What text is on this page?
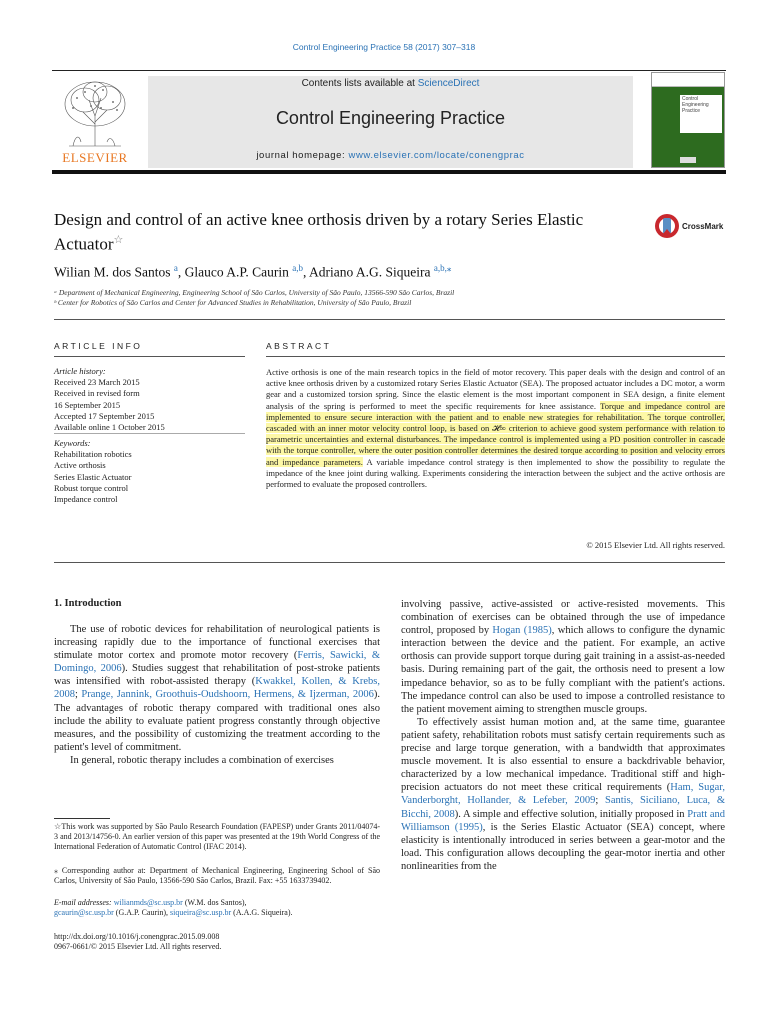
Control Engineering Practice 58 (2017) 307–318
ELSEVIER
Contents lists available at ScienceDirect
Control Engineering Practice
journal homepage: www.elsevier.com/locate/conengprac
Control Engineering Practice
Design and control of an active knee orthosis driven by a rotary Series Elastic Actuator☆
CrossMark
Wilian M. dos Santos $^a$, Glauco A.P. Caurin $^{a,b}$, Adriano A.G. Siqueira $^{a,b,⁎}$
ᵃ Department of Mechanical Engineering, Engineering School of São Carlos, University of São Paulo, 13566-590 São Carlos, Brazil
ᵇ Center for Robotics of São Carlos and Center for Advanced Studies in Rehabilitation, University of São Paulo, Brazil
ARTICLE INFO
Article history:
Received 23 March 2015
Received in revised form
16 September 2015
Accepted 17 September 2015
Available online 1 October 2015
Keywords:
Rehabilitation robotics
Active orthosis
Series Elastic Actuator
Robust torque control
Impedance control
ABSTRACT
Active orthosis is one of the main research topics in the field of motor recovery. This paper deals with the design and control of an active knee orthosis driven by a customized rotary Series Elastic Actuator (SEA). The proposed actuator includes a DC motor, a worm gear and a customized torsion spring. Since the elastic element is the most important component in SEA design, a finite element analysis of the spring is performed to meet the specific requirements for knee assistance. Torque and impedance control are implemented to ensure secure interaction with the patient and to enable new strategies for rehabilitation. The torque controller, cascaded with an inner motor velocity control loop, is based on 𝓗∞ criterion to achieve good system performance with relation to parametric uncertainties and external disturbances. The impedance control is implemented using a PD position controller in cascade with the torque controller, where the outer position controller determines the desired torque according to position and velocity errors and impedance parameters. A variable impedance control strategy is then implemented to show the possibility to regulate the impedance of the knee joint during walking. Experiments considering the interaction between the subject and the active orthosis are performed to evaluate the proposed controllers.
© 2015 Elsevier Ltd. All rights reserved.
1. Introduction

The use of robotic devices for rehabilitation of neurological patients is increasing rapidly due to the importance of functional exercises that stimulate motor cortex and promote motor recovery (Ferris, Sawicki, & Domingo, 2006). Studies suggest that rehabilitation of post-stroke patients was intensified with robot-assisted therapy (Kwakkel, Kollen, & Krebs, 2008; Prange, Jannink, Groothuis-Oudshoorn, Hermens, & Ijzerman, 2006). The advantages of robotic therapy compared with traditional ones also include the ability to evaluate patient progress constantly through objective measures, and the possibility of customizing the treatment according to the patient's level of commitment.

In general, robotic therapy includes a combination of exercises

☆This work was supported by São Paulo Research Foundation (FAPESP) under Grants 2011/04074-3 and 2013/14756-0. An earlier version of this paper was presented at the 19th World Congress of the International Federation of Automatic Control (IFAC 2014).
⁎ Corresponding author at: Department of Mechanical Engineering, Engineering School of São Carlos, University of São Paulo, 13566-590 São Carlos, Brazil. Fax: +55 1633739402.
E-mail addresses: wilianmds@sc.usp.br (W.M. dos Santos),
gcaurin@sc.usp.br (G.A.P. Caurin), siqueira@sc.usp.br (A.A.G. Siqueira).
http://dx.doi.org/10.1016/j.conengprac.2015.09.008
0967-0661/© 2015 Elsevier Ltd. All rights reserved.

involving passive, active-assisted or active-resisted movements. This combination of exercises can be obtained through the use of impedance control, proposed by Hogan (1985), which allows to configure the dynamic interaction between the device and the patient. For example, an active orthosis can provide support torque during gait training in a assist-as-needed basis. During remaining part of the gait, the orthosis need to present a low impedance behavior, so as to be fully compliant with the patient's actions. The impedance control can also be used to impose a controlled resistance to the patient movement aiming to strengthen muscle groups.

To effectively assist human motion and, at the same time, guarantee patient safety, rehabilitation robots must satisfy certain requirements such as precise and large torque generation, with a bandwidth that approximates muscle movement. It is also essential to ensure a backdrivable behavior, characterized by a low mechanical impedance. Traditional stiff and high-precision actuators do not meet these critical requirements (Ham, Sugar, Vanderborght, Hollander, & Lefeber, 2009; Santis, Siciliano, Luca, & Bicchi, 2008). A simple and effective solution, initially proposed in Pratt and Williamson (1995), is the Series Elastic Actuator (SEA) concept, where elasticity is intentionally introduced in series between a gear-motor and the load. This configuration allows decoupling the gear-motor inertia and other nonlinearities from the
